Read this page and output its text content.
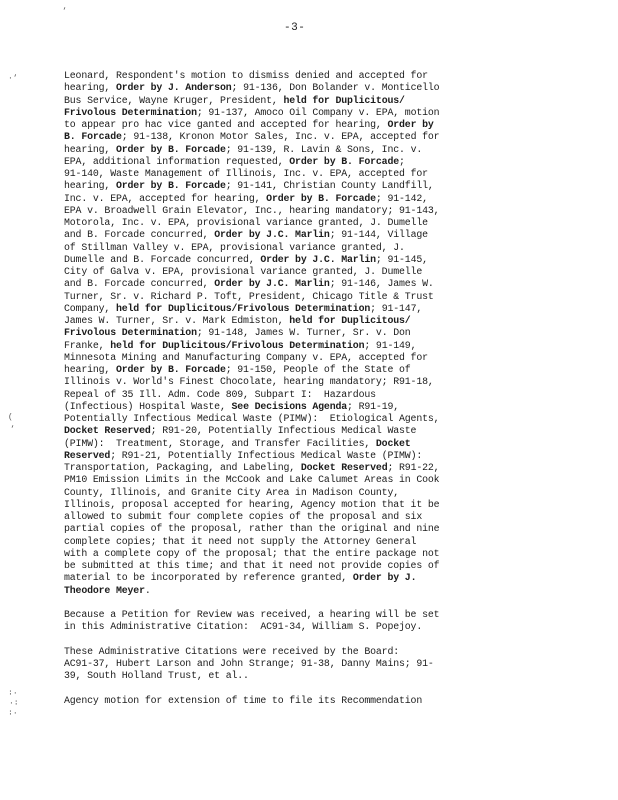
-3-
‘
·‘
(
‘
∶·
·∶
∶·
Leonard, Respondent's motion to dismiss denied and accepted for
hearing, Order by J. Anderson; 91-136, Don Bolander v. Monticello
Bus Service, Wayne Kruger, President, held for Duplicitous/
Frivolous Determination; 91-137, Amoco Oil Company v. EPA, motion
to appear pro hac vice ganted and accepted for hearing, Order by
B. Forcade; 91-138, Kronon Motor Sales, Inc. v. EPA, accepted for
hearing, Order by B. Forcade; 91-139, R. Lavin & Sons, Inc. v.
EPA, additional information requested, Order by B. Forcade;
91-140, Waste Management of Illinois, Inc. v. EPA, accepted for
hearing, Order by B. Forcade; 91-141, Christian County Landfill,
Inc. v. EPA, accepted for hearing, Order by B. Forcade; 91-142,
EPA v. Broadwell Grain Elevator, Inc., hearing mandatory; 91-143,
Motorola, Inc. v. EPA, provisional variance granted, J. Dumelle
and B. Forcade concurred, Order by J.C. Marlin; 91-144, Village
of Stillman Valley v. EPA, provisional variance granted, J.
Dumelle and B. Forcade concurred, Order by J.C. Marlin; 91-145,
City of Galva v. EPA, provisional variance granted, J. Dumelle
and B. Forcade concurred, Order by J.C. Marlin; 91-146, James W.
Turner, Sr. v. Richard P. Toft, President, Chicago Title & Trust
Company, held for Duplicitous/Frivolous Determination; 91-147,
James W. Turner, Sr. v. Mark Edmiston, held for Duplicitous/
Frivolous Determination; 91-148, James W. Turner, Sr. v. Don
Franke, held for Duplicitous/Frivolous Determination; 91-149,
Minnesota Mining and Manufacturing Company v. EPA, accepted for
hearing, Order by B. Forcade; 91-150, People of the State of
Illinois v. World's Finest Chocolate, hearing mandatory; R91-18,
Repeal of 35 Ill. Adm. Code 809, Subpart I:  Hazardous
(Infectious) Hospital Waste, See Decisions Agenda; R91-19,
Potentially Infectious Medical Waste (PIMW):  Etiological Agents,
Docket Reserved; R91-20, Potentially Infectious Medical Waste
(PIMW):  Treatment, Storage, and Transfer Facilities, Docket
Reserved; R91-21, Potentially Infectious Medical Waste (PIMW):
Transportation, Packaging, and Labeling, Docket Reserved; R91-22,
PM10 Emission Limits in the McCook and Lake Calumet Areas in Cook
County, Illinois, and Granite City Area in Madison County,
Illinois, proposal accepted for hearing, Agency motion that it be
allowed to submit four complete copies of the proposal and six
partial copies of the proposal, rather than the original and nine
complete copies; that it need not supply the Attorney General
with a complete copy of the proposal; that the entire package not
be submitted at this time; and that it need not provide copies of
material to be incorporated by reference granted, Order by J.
Theodore Meyer.
Because a Petition for Review was received, a hearing will be set
in this Administrative Citation:  AC91-34, William S. Popejoy.
These Administrative Citations were received by the Board:
AC91-37, Hubert Larson and John Strange; 91-38, Danny Mains; 91-
39, South Holland Trust, et al..
Agency motion for extension of time to file its Recommendation
